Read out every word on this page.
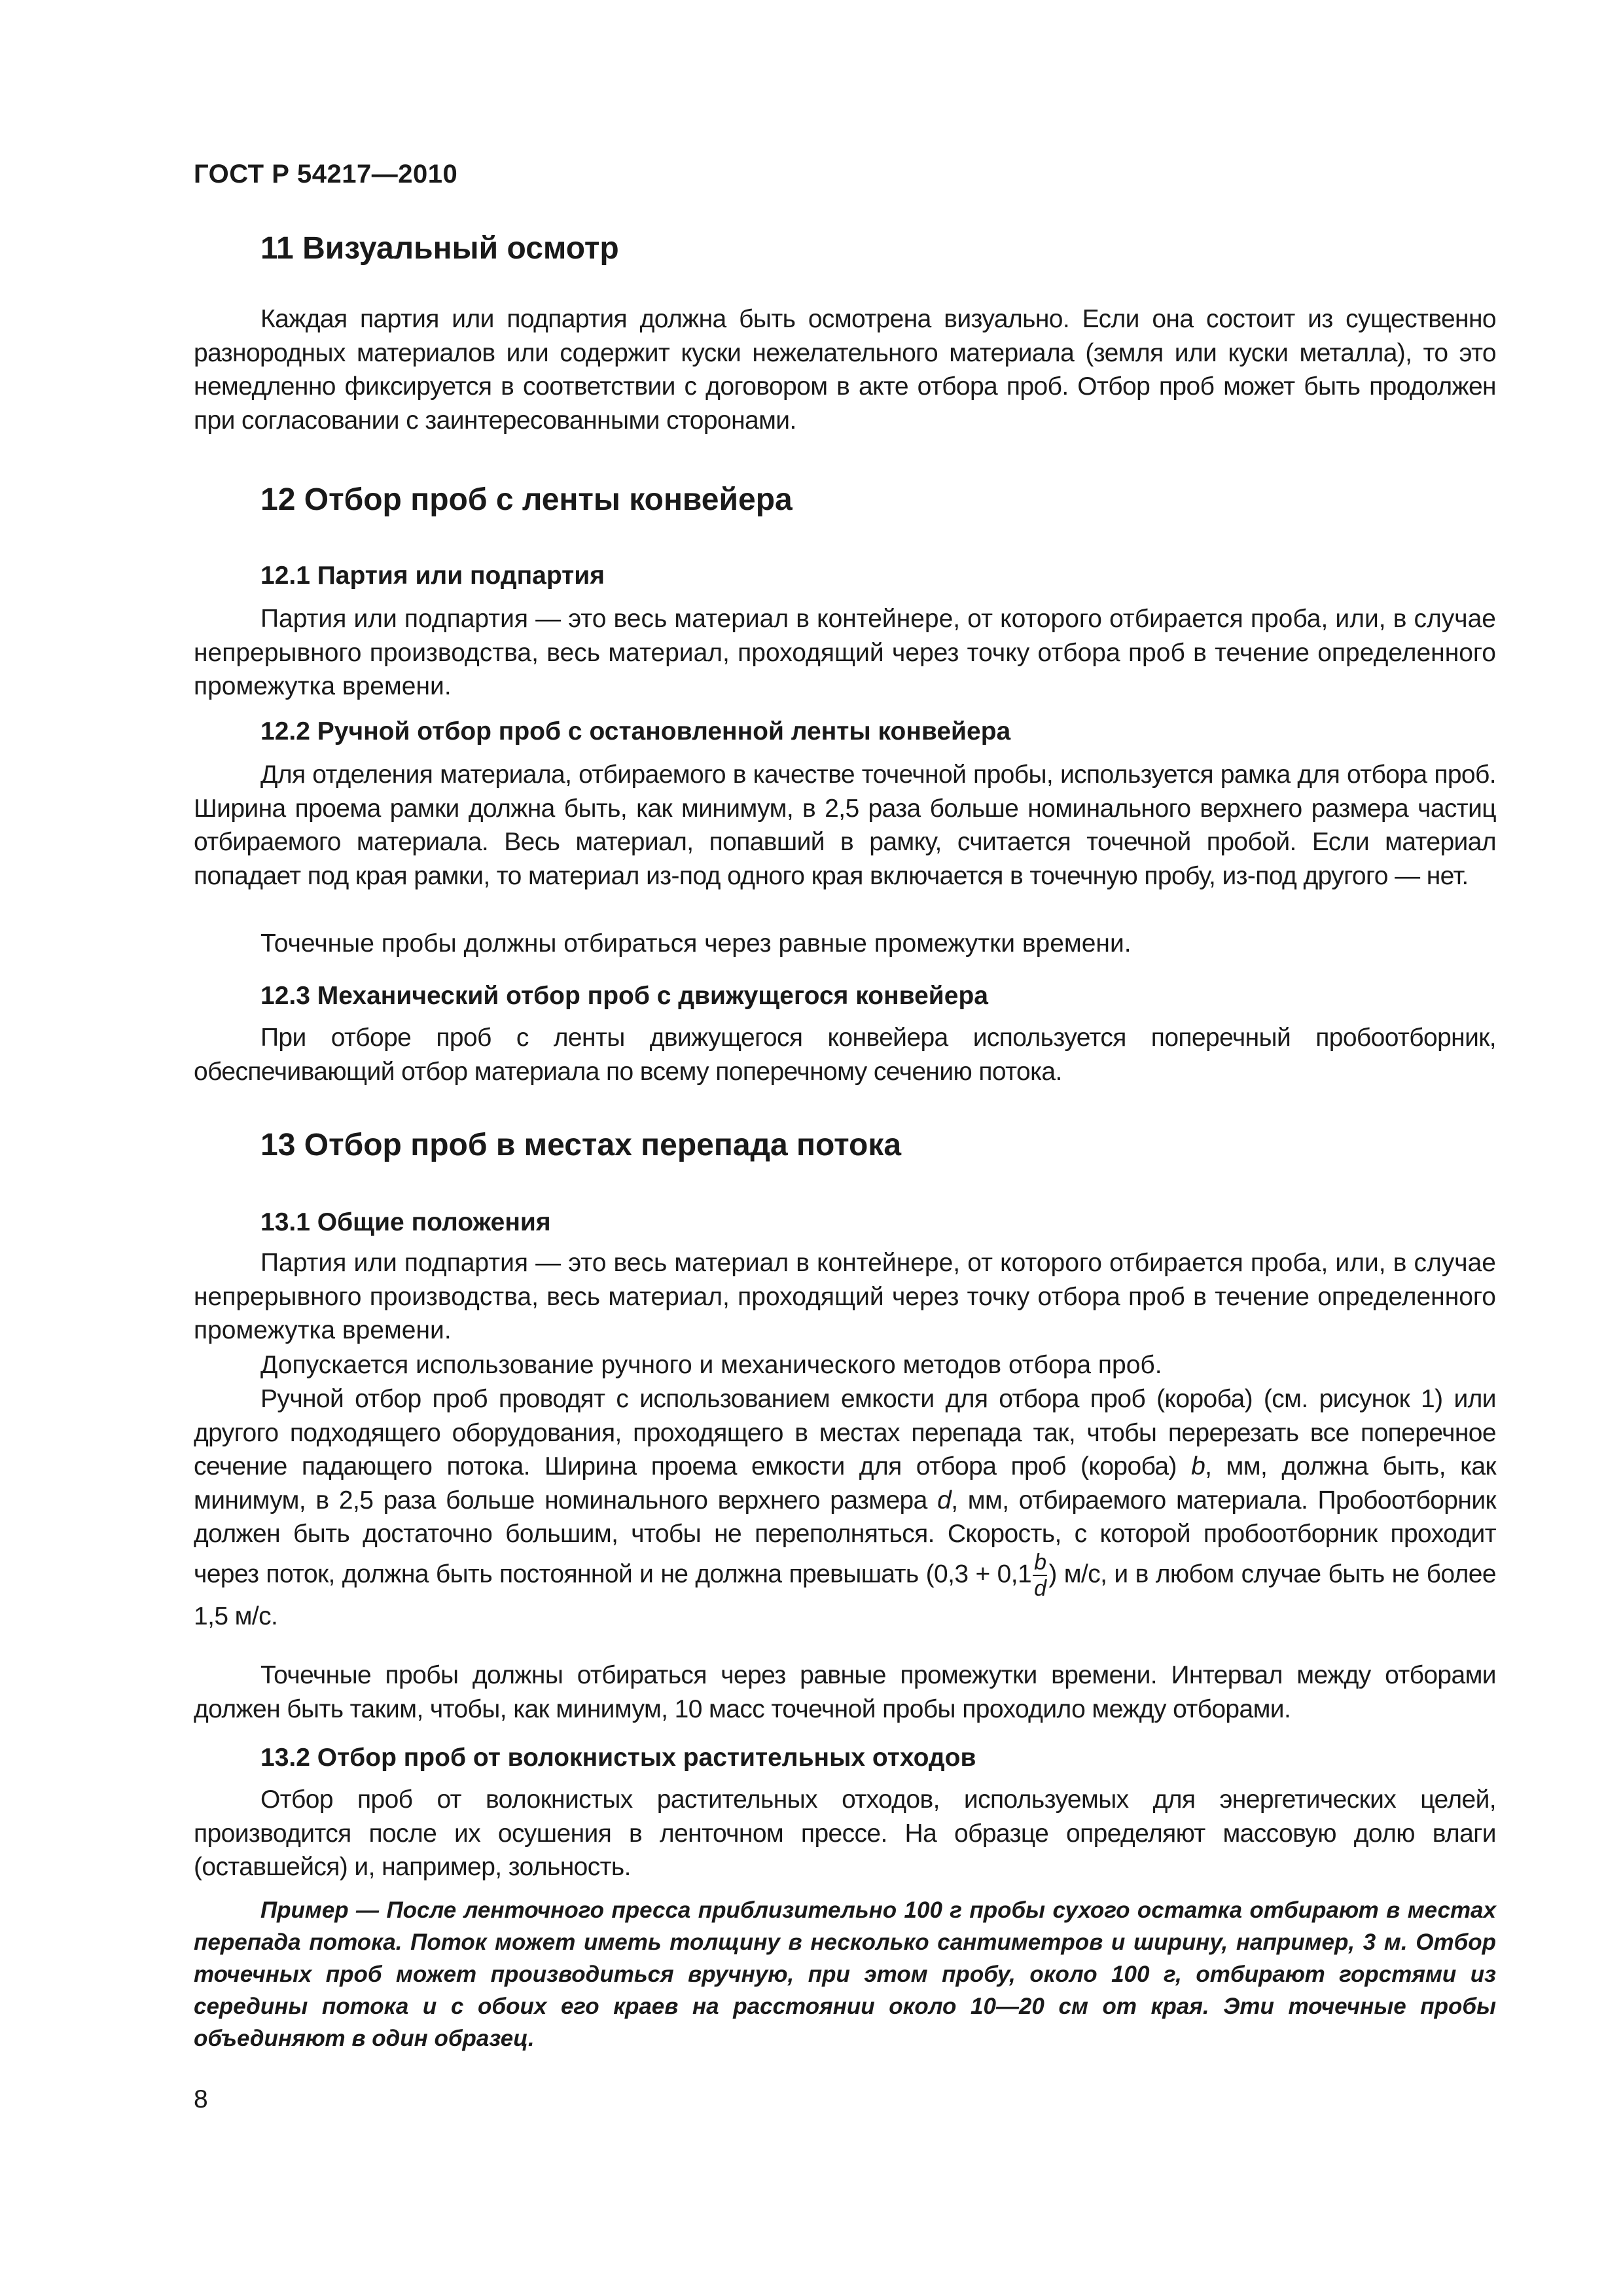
ГОСТ Р 54217—2010
11 Визуальный осмотр

Каждая партия или подпартия должна быть осмотрена визуально. Если она состоит из существенно разнородных материалов или содержит куски нежелательного материала (земля или куски металла), то это немедленно фиксируется в соответствии с договором в акте отбора проб. Отбор проб может быть продолжен при согласовании с заинтересованными сторонами.

12 Отбор проб с ленты конвейера
12.1 Партия или подпартия

Партия или подпартия — это весь материал в контейнере, от которого отбирается проба, или, в случае непрерывного производства, весь материал, проходящий через точку отбора проб в течение определенного промежутка времени.

12.2 Ручной отбор проб с остановленной ленты конвейера

Для отделения материала, отбираемого в качестве точечной пробы, используется рамка для отбора проб. Ширина проема рамки должна быть, как минимум, в 2,5 раза больше номинального верхнего размера частиц отбираемого материала. Весь материал, попавший в рамку, считается точечной пробой. Если материал попадает под края рамки, то материал из-под одного края включается в точечную пробу, из-под другого — нет.

Точечные пробы должны отбираться через равные промежутки времени.

12.3 Механический отбор проб с движущегося конвейера

При отборе проб с ленты движущегося конвейера используется поперечный пробоотборник, обеспечивающий отбор материала по всему поперечному сечению потока.

13 Отбор проб в местах перепада потока
13.1 Общие положения

Партия или подпартия — это весь материал в контейнере, от которого отбирается проба, или, в случае непрерывного производства, весь материал, проходящий через точку отбора проб в течение определенного промежутка времени.

Допускается использование ручного и механического методов отбора проб.

Ручной отбор проб проводят с использованием емкости для отбора проб (короба) (см. рисунок 1) или другого подходящего оборудования, проходящего в местах перепада так, чтобы перерезать все поперечное сечение падающего потока. Ширина проема емкости для отбора проб (короба) b, мм, должна быть, как минимум, в 2,5 раза больше номинального верхнего размера d, мм, отбираемого материала. Пробоотборник должен быть достаточно большим, чтобы не переполняться. Скорость, с которой пробоотборник проходит через поток, должна быть постоянной и не должна превышать ($0,3 + 0,1 \frac{b}{d}$ ) м/с, и в любом случае быть не более 1,5 м/с.

Точечные пробы должны отбираться через равные промежутки времени. Интервал между отборами должен быть таким, чтобы, как минимум, 10 масс точечной пробы проходило между отборами.

13.2 Отбор проб от волокнистых растительных отходов

Отбор проб от волокнистых растительных отходов, используемых для энергетических целей, производится после их осушения в ленточном прессе. На образце определяют массовую долю влаги (оставшейся) и, например, зольность.

Пример — После ленточного пресса приблизительно 100 г пробы сухого остатка отбирают в местах перепада потока. Поток может иметь толщину в несколько сантиметров и ширину, например, 3 м. Отбор точечных проб может производиться вручную, при этом пробу, около 100 г, отбирают горстями из середины потока и с обоих его краев на расстоянии около 10—20 см от края. Эти точечные пробы объединяют в один образец.

8
